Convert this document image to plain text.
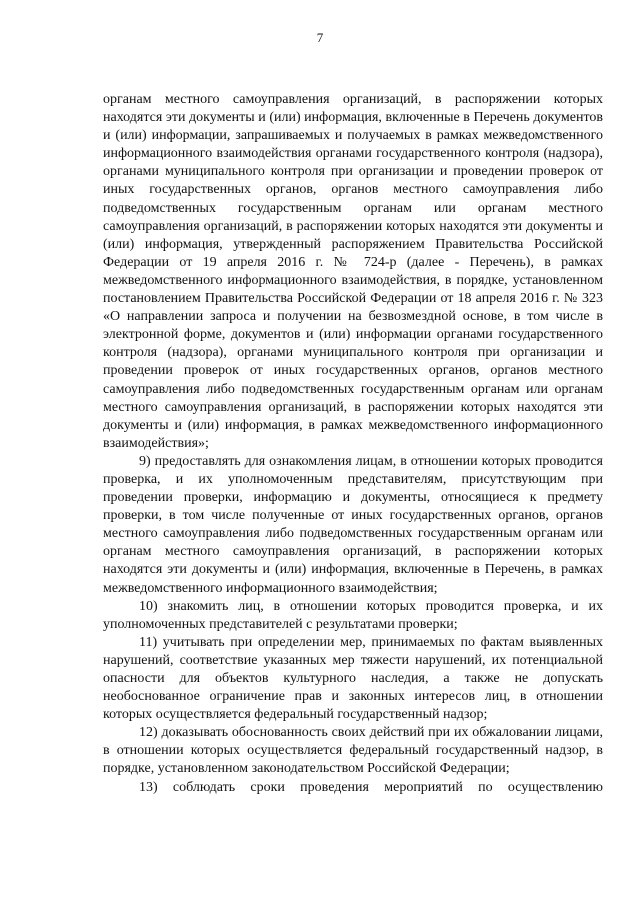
7

органам местного самоуправления организаций, в распоряжении которых находятся эти документы и (или) информация, включенные в Перечень документов и (или) информации, запрашиваемых и получаемых в рамках межведомственного информационного взаимодействия органами государственного контроля (надзора), органами муниципального контроля при организации и проведении проверок от иных государственных органов, органов местного самоуправления либо подведомственных государственным органам или органам местного самоуправления организаций, в распоряжении которых находятся эти документы и (или) информация, утвержденный распоряжением Правительства Российской Федерации от 19 апреля 2016 г. № 724-р (далее - Перечень), в рамках межведомственного информационного взаимодействия, в порядке, установленном постановлением Правительства Российской Федерации от 18 апреля 2016 г. № 323 «О направлении запроса и получении на безвозмездной основе, в том числе в электронной форме, документов и (или) информации органами государственного контроля (надзора), органами муниципального контроля при организации и проведении проверок от иных государственных органов, органов местного самоуправления либо подведомственных государственным органам или органам местного самоуправления организаций, в распоряжении которых находятся эти документы и (или) информация, в рамках межведомственного информационного взаимодействия»;

9) предоставлять для ознакомления лицам, в отношении которых проводится проверка, и их уполномоченным представителям, присутствующим при проведении проверки, информацию и документы, относящиеся к предмету проверки, в том числе полученные от иных государственных органов, органов местного самоуправления либо подведомственных государственным органам или органам местного самоуправления организаций, в распоряжении которых находятся эти документы и (или) информация, включенные в Перечень, в рамках межведомственного информационного взаимодействия;

10) знакомить лиц, в отношении которых проводится проверка, и их уполномоченных представителей с результатами проверки;

11) учитывать при определении мер, принимаемых по фактам выявленных нарушений, соответствие указанных мер тяжести нарушений, их потенциальной опасности для объектов культурного наследия, а также не допускать необоснованное ограничение прав и законных интересов лиц, в отношении которых осуществляется федеральный государственный надзор;

12) доказывать обоснованность своих действий при их обжаловании лицами, в отношении которых осуществляется федеральный государственный надзор, в порядке, установленном законодательством Российской Федерации;

13) соблюдать сроки проведения мероприятий по осуществлению
